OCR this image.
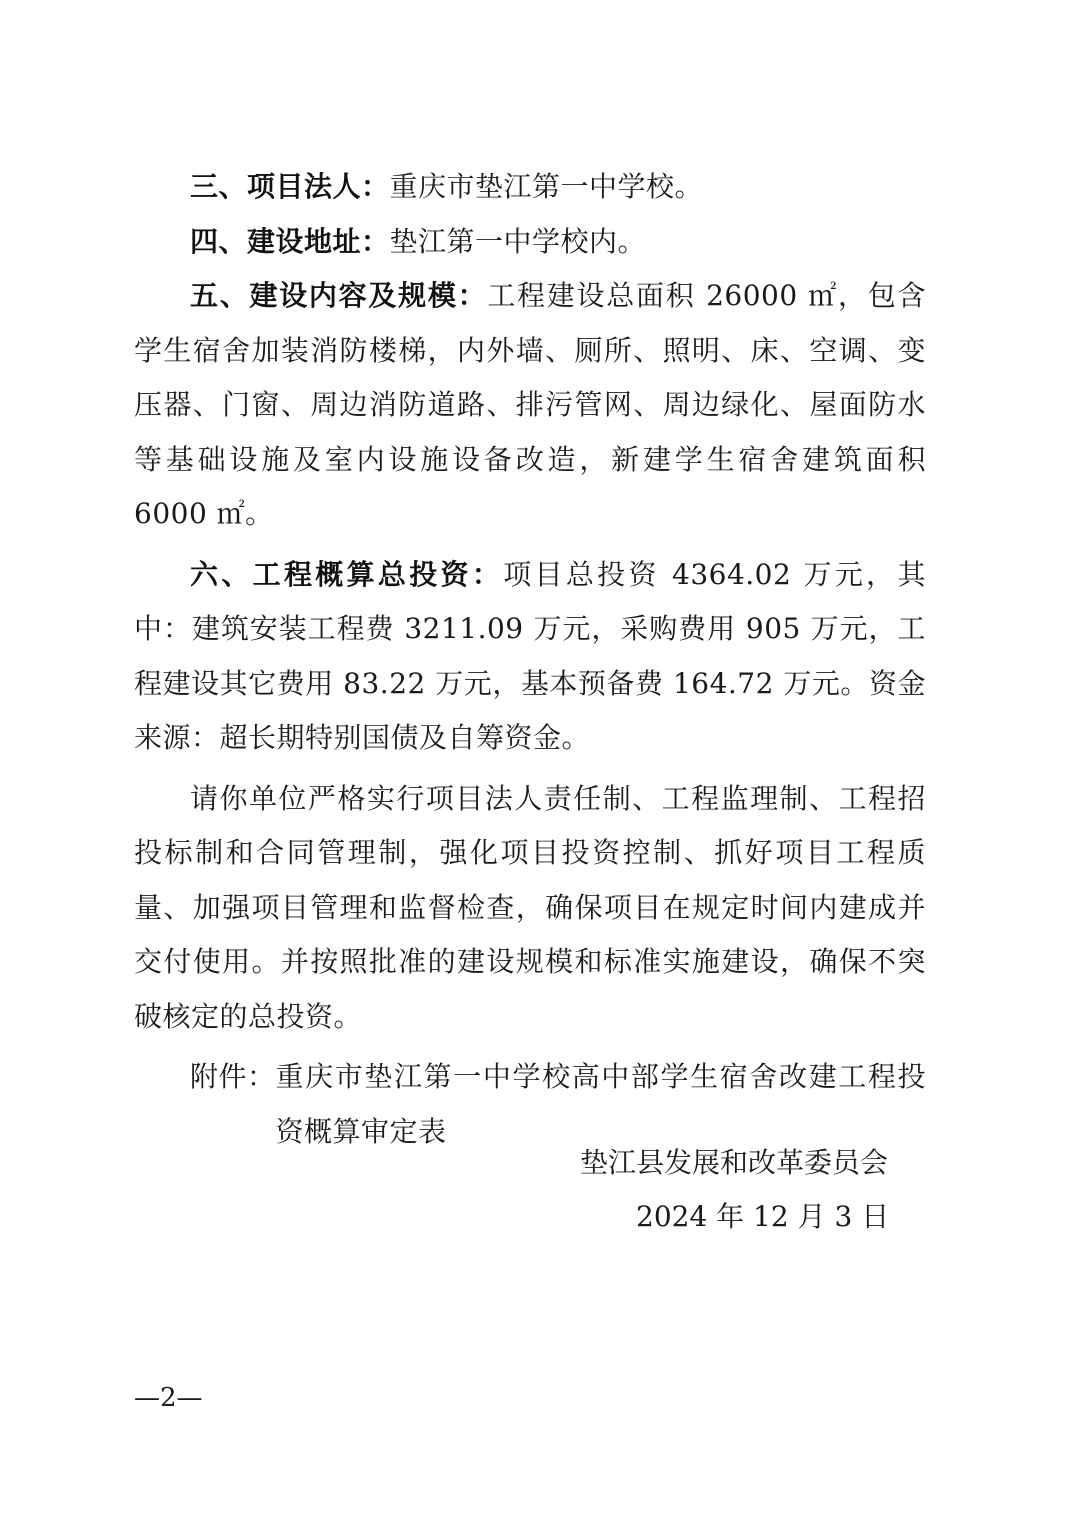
三、项目法人：重庆市垫江第一中学校。

四、建设地址：垫江第一中学校内。

五、建设内容及规模：工程建设总面积 26000 ㎡，包含学生宿舍加装消防楼梯，内外墙、厕所、照明、床、空调、变压器、门窗、周边消防道路、排污管网、周边绿化、屋面防水等基础设施及室内设施设备改造，新建学生宿舍建筑面积 6000 ㎡。

六、工程概算总投资：项目总投资 4364.02 万元，其中：建筑安装工程费 3211.09 万元，采购费用 905 万元，工程建设其它费用 83.22 万元，基本预备费 164.72 万元。资金来源：超长期特别国债及自筹资金。

请你单位严格实行项目法人责任制、工程监理制、工程招投标制和合同管理制，强化项目投资控制、抓好项目工程质量、加强项目管理和监督检查，确保项目在规定时间内建成并交付使用。并按照批准的建设规模和标准实施建设，确保不突破核定的总投资。

附件： 重庆市垫江第一中学校高中部学生宿舍改建工程投资概算审定表

垫江县发展和改革委员会

2024 年 12 月 3 日

—2—
